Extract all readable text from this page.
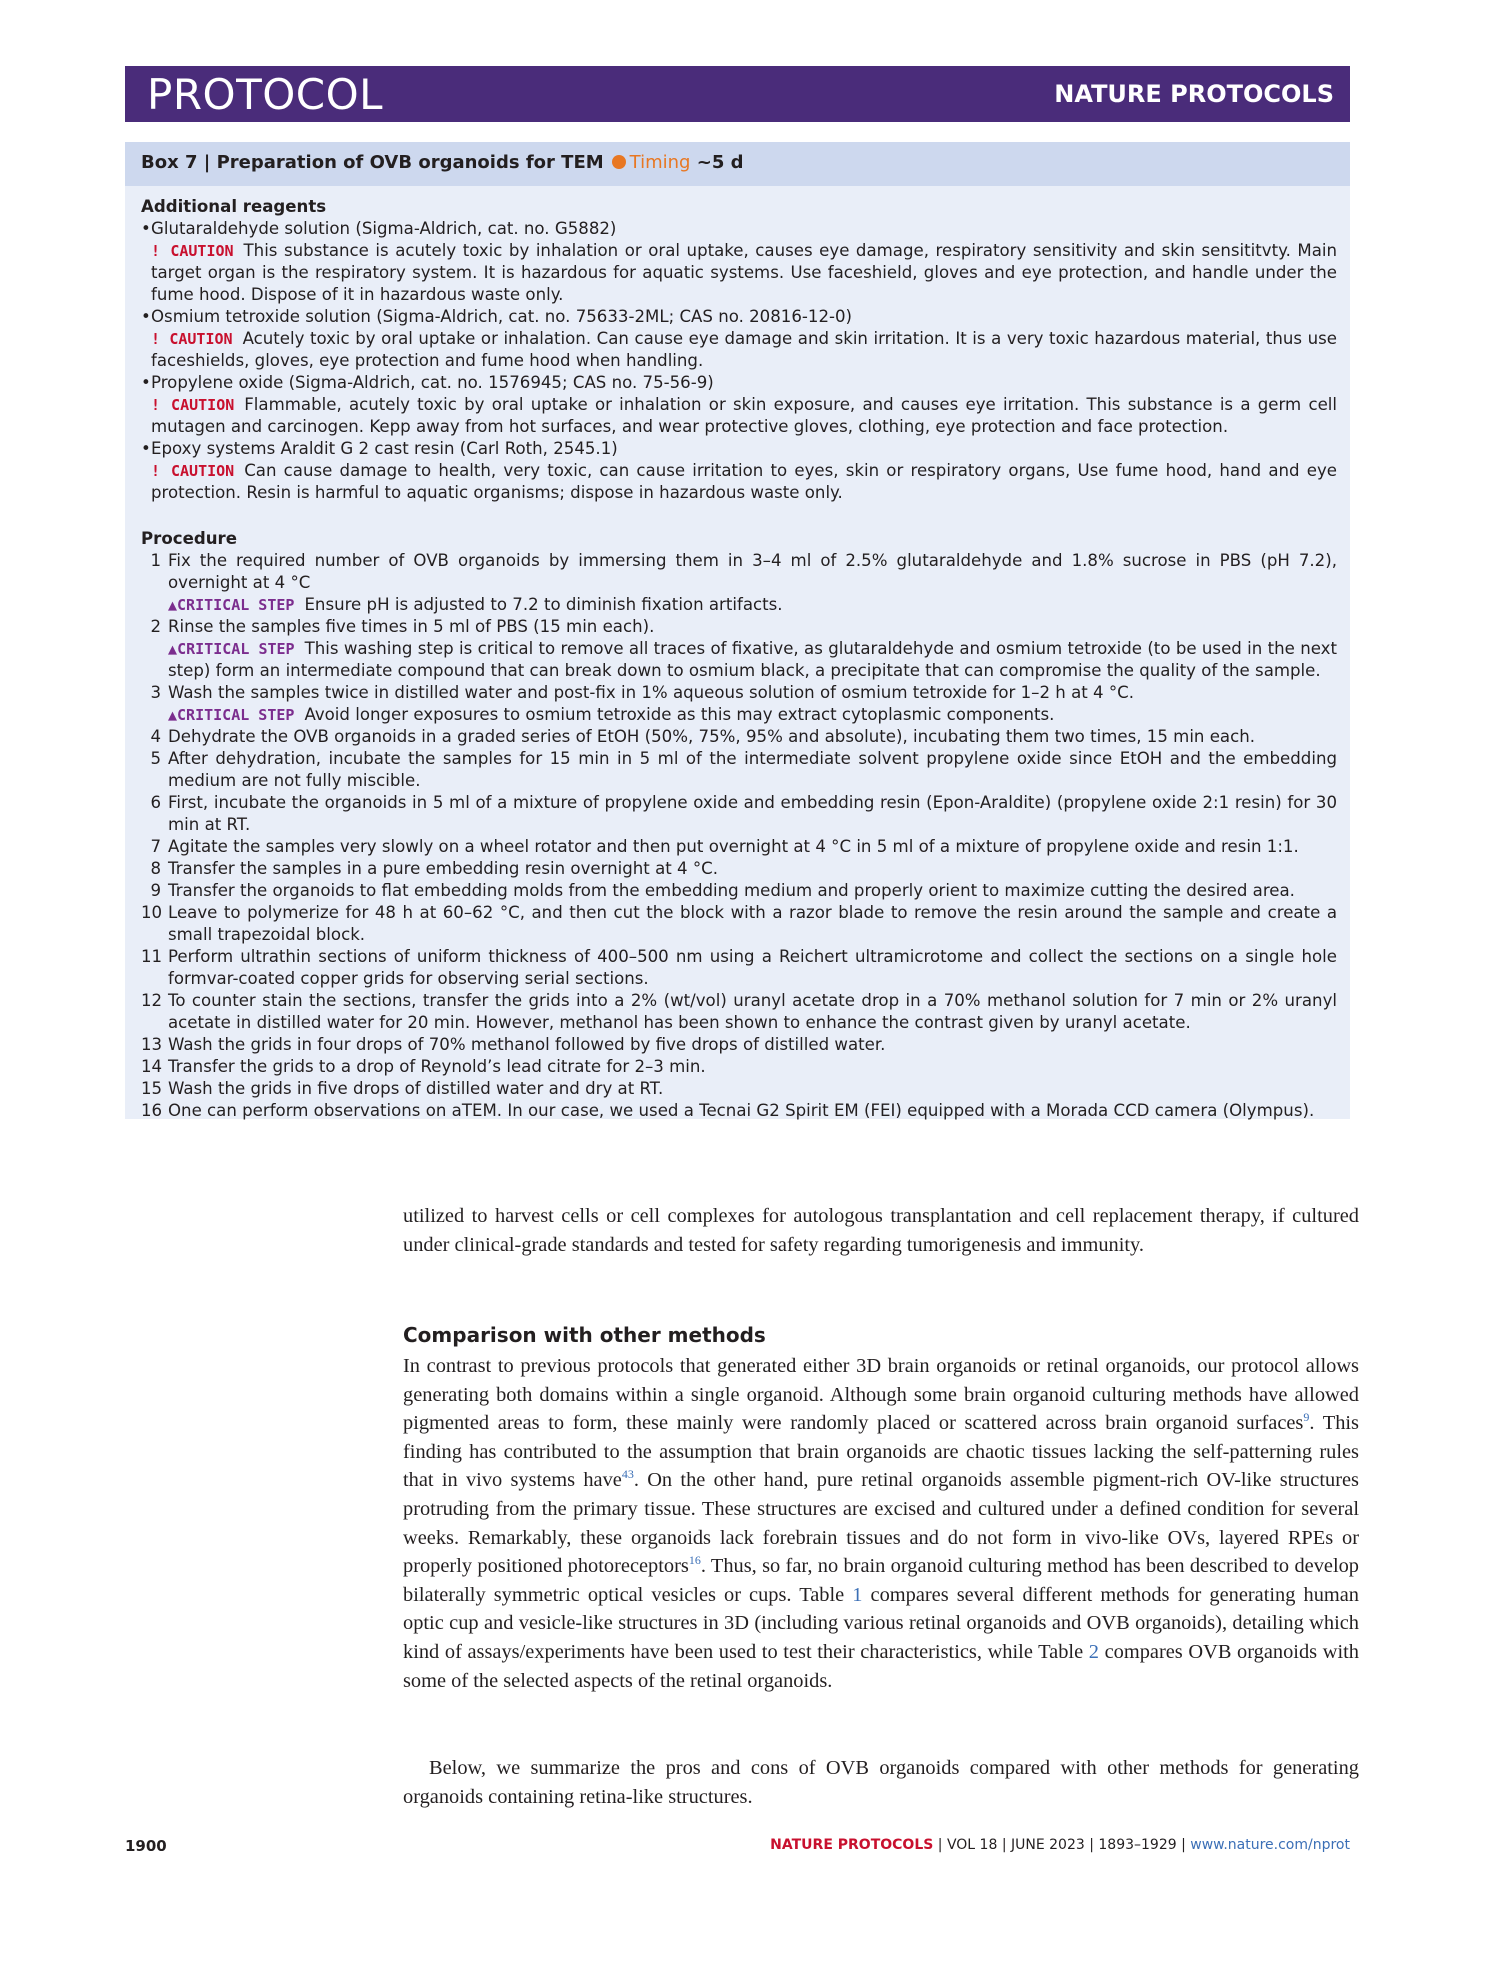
PROTOCOL	NATURE PROTOCOLS
Box 7 | Preparation of OVB organoids for TEM Timing ~5 d

Additional reagents

• Glutaraldehyde solution (Sigma-Aldrich, cat. no. G5882)
! CAUTION This substance is acutely toxic by inhalation or oral uptake, causes eye damage, respiratory sensitivity and skin sensititvty. Main target organ is the respiratory system. It is hazardous for aquatic systems. Use faceshield, gloves and eye protection, and handle under the fume hood. Dispose of it in hazardous waste only.
• Osmium tetroxide solution (Sigma-Aldrich, cat. no. 75633-2ML; CAS no. 20816-12-0)
! CAUTION Acutely toxic by oral uptake or inhalation. Can cause eye damage and skin irritation. It is a very toxic hazardous material, thus use faceshields, gloves, eye protection and fume hood when handling.
• Propylene oxide (Sigma-Aldrich, cat. no. 1576945; CAS no. 75-56-9)
! CAUTION Flammable, acutely toxic by oral uptake or inhalation or skin exposure, and causes eye irritation. This substance is a germ cell mutagen and carcinogen. Kepp away from hot surfaces, and wear protective gloves, clothing, eye protection and face protection.
• Epoxy systems Araldit G 2 cast resin (Carl Roth, 2545.1)
! CAUTION Can cause damage to health, very toxic, can cause irritation to eyes, skin or respiratory organs, Use fume hood, hand and eye protection. Resin is harmful to aquatic organisms; dispose in hazardous waste only.

Procedure

1 Fix the required number of OVB organoids by immersing them in 3–4 ml of 2.5% glutaraldehyde and 1.8% sucrose in PBS (pH 7.2), overnight at 4 °C
▲CRITICAL STEP Ensure pH is adjusted to 7.2 to diminish fixation artifacts.
2 Rinse the samples five times in 5 ml of PBS (15 min each).
▲CRITICAL STEP This washing step is critical to remove all traces of fixative, as glutaraldehyde and osmium tetroxide (to be used in the next step) form an intermediate compound that can break down to osmium black, a precipitate that can compromise the quality of the sample.
3 Wash the samples twice in distilled water and post-fix in 1% aqueous solution of osmium tetroxide for 1–2 h at 4 °C.
▲CRITICAL STEP Avoid longer exposures to osmium tetroxide as this may extract cytoplasmic components.
4 Dehydrate the OVB organoids in a graded series of EtOH (50%, 75%, 95% and absolute), incubating them two times, 15 min each.
5 After dehydration, incubate the samples for 15 min in 5 ml of the intermediate solvent propylene oxide since EtOH and the embedding medium are not fully miscible.
6 First, incubate the organoids in 5 ml of a mixture of propylene oxide and embedding resin (Epon-Araldite) (propylene oxide 2:1 resin) for 30 min at RT.
7 Agitate the samples very slowly on a wheel rotator and then put overnight at 4 °C in 5 ml of a mixture of propylene oxide and resin 1:1.
8 Transfer the samples in a pure embedding resin overnight at 4 °C.
9 Transfer the organoids to flat embedding molds from the embedding medium and properly orient to maximize cutting the desired area.
10 Leave to polymerize for 48 h at 60–62 °C, and then cut the block with a razor blade to remove the resin around the sample and create a small trapezoidal block.
11 Perform ultrathin sections of uniform thickness of 400–500 nm using a Reichert ultramicrotome and collect the sections on a single hole formvar-coated copper grids for observing serial sections.
12 To counter stain the sections, transfer the grids into a 2% (wt/vol) uranyl acetate drop in a 70% methanol solution for 7 min or 2% uranyl acetate in distilled water for 20 min. However, methanol has been shown to enhance the contrast given by uranyl acetate.
13 Wash the grids in four drops of 70% methanol followed by five drops of distilled water.
14 Transfer the grids to a drop of Reynold’s lead citrate for 2–3 min.
15 Wash the grids in five drops of distilled water and dry at RT.
16 One can perform observations on aTEM. In our case, we used a Tecnai G2 Spirit EM (FEI) equipped with a Morada CCD camera (Olympus).
utilized to harvest cells or cell complexes for autologous transplantation and cell replacement therapy, if cultured under clinical-grade standards and tested for safety regarding tumorigenesis and immunity.
Comparison with other methods
In contrast to previous protocols that generated either 3D brain organoids or retinal organoids, our protocol allows generating both domains within a single organoid. Although some brain organoid culturing methods have allowed pigmented areas to form, these mainly were randomly placed or scattered across brain organoid surfaces$^9$. This finding has contributed to the assumption that brain organoids are chaotic tissues lacking the self-patterning rules that in vivo systems have$^{43}$. On the other hand, pure retinal organoids assemble pigment-rich OV-like structures protruding from the primary tissue. These structures are excised and cultured under a defined condition for several weeks. Remarkably, these organoids lack forebrain tissues and do not form in vivo-like OVs, layered RPEs or properly positioned photoreceptors$^{16}$. Thus, so far, no brain organoid culturing method has been described to develop bilaterally symmetric optical vesicles or cups. Table 1 compares several different methods for generating human optic cup and vesicle-like structures in 3D (including various retinal organoids and OVB organoids), detailing which kind of assays/experiments have been used to test their characteristics, while Table 2 compares OVB organoids with some of the selected aspects of the retinal organoids.
Below, we summarize the pros and cons of OVB organoids compared with other methods for generating organoids containing retina-like structures.
1900	NATURE PROTOCOLS | VOL 18 | JUNE 2023 | 1893–1929 | www.nature.com/nprot
